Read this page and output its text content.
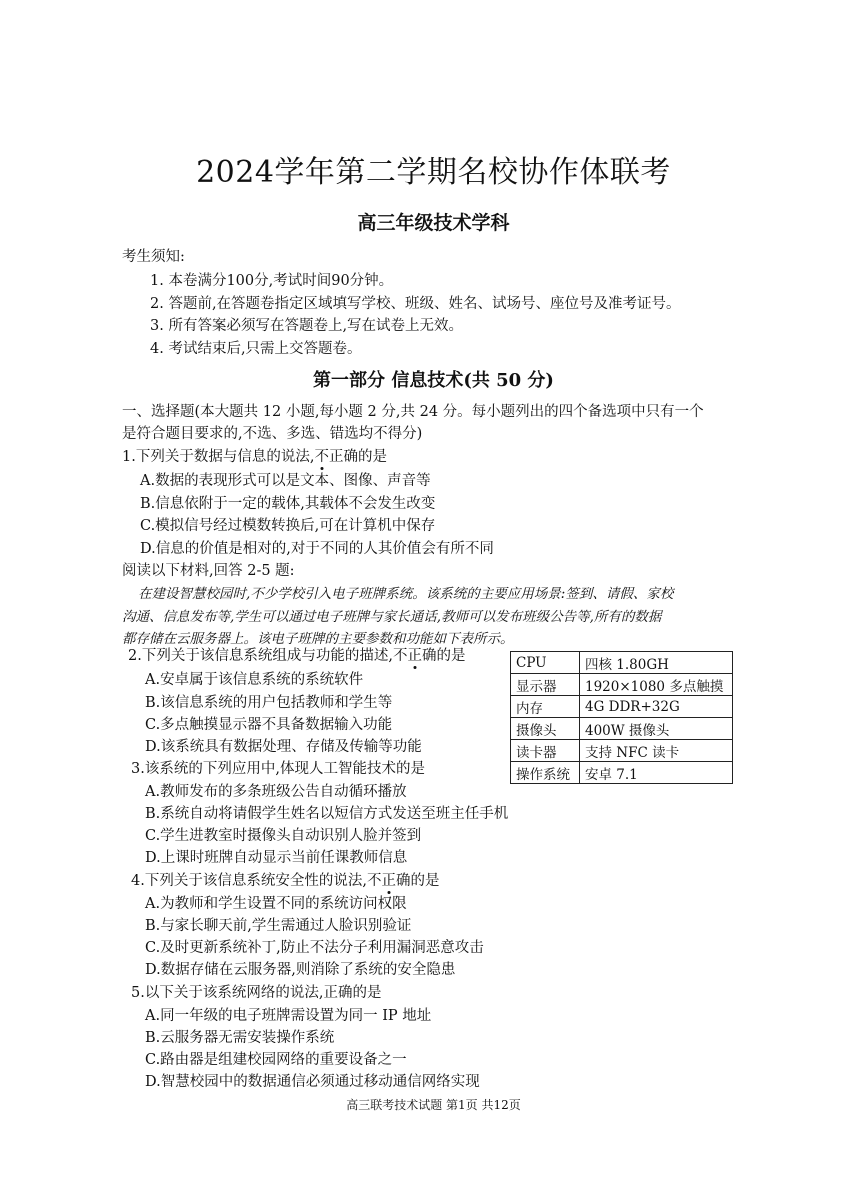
2024学年第二学期名校协作体联考
高三年级技术学科
考生须知:
1. 本卷满分100分,考试时间90分钟。
2. 答题前,在答题卷指定区域填写学校、班级、姓名、试场号、座位号及准考证号。
3. 所有答案必须写在答题卷上,写在试卷上无效。
4. 考试结束后,只需上交答题卷。
第一部分 信息技术(共 50 分)
一、选择题(本大题共 12 小题,每小题 2 分,共 24 分。每小题列出的四个备选项中只有一个
是符合题目要求的,不选、多选、错选均不得分)
1.下列关于数据与信息的说法,不正确的是
A.数据的表现形式可以是文本、图像、声音等
B.信息依附于一定的载体,其载体不会发生改变
C.模拟信号经过模数转换后,可在计算机中保存
D.信息的价值是相对的,对于不同的人其价值会有所不同
阅读以下材料,回答 2-5 题:
在建设智慧校园时,不少学校引入电子班牌系统。该系统的主要应用场景:签到、请假、家校
沟通、信息发布等,学生可以通过电子班牌与家长通话,教师可以发布班级公告等,所有的数据
都存储在云服务器上。该电子班牌的主要参数和功能如下表所示。
CPU	四核 1.80GH
显示器	1920×1080 多点触摸
内存	4G DDR+32G
摄像头	400W 摄像头
读卡器	支持 NFC 读卡
操作系统	安卓 7.1
2.下列关于该信息系统组成与功能的描述,不正确的是
A.安卓属于该信息系统的系统软件
B.该信息系统的用户包括教师和学生等
C.多点触摸显示器不具备数据输入功能
D.该系统具有数据处理、存储及传输等功能
3.该系统的下列应用中,体现人工智能技术的是
A.教师发布的多条班级公告自动循环播放
B.系统自动将请假学生姓名以短信方式发送至班主任手机
C.学生进教室时摄像头自动识别人脸并签到
D.上课时班牌自动显示当前任课教师信息
4.下列关于该信息系统安全性的说法,不正确的是
A.为教师和学生设置不同的系统访问权限
B.与家长聊天前,学生需通过人脸识别验证
C.及时更新系统补丁,防止不法分子利用漏洞恶意攻击
D.数据存储在云服务器,则消除了系统的安全隐患
5.以下关于该系统网络的说法,正确的是
A.同一年级的电子班牌需设置为同一 IP 地址
B.云服务器无需安装操作系统
C.路由器是组建校园网络的重要设备之一
D.智慧校园中的数据通信必须通过移动通信网络实现
高三联考技术试题 第1页 共12页
